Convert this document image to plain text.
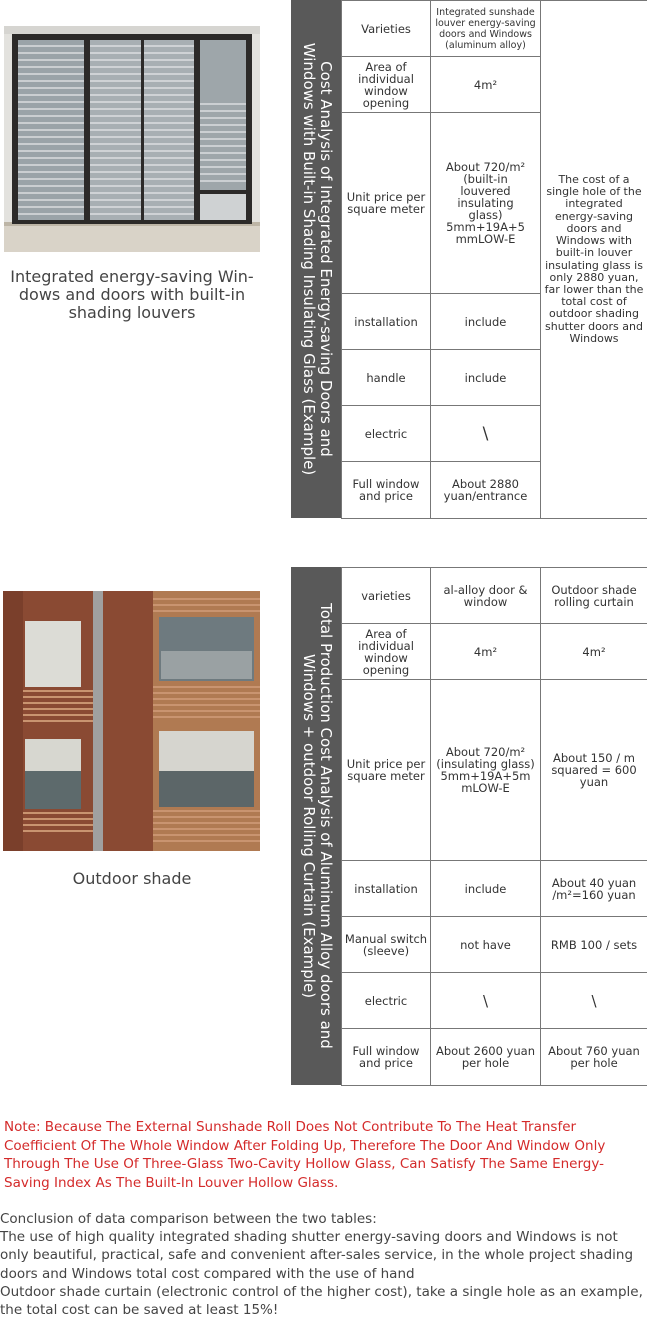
Integrated energy-saving Win-
dows and doors with built-in
shading louvers
Cost Analysis of Integrated Energy-saving Doors and
Windows with Built-in Shading Insulating Glass (Example)
Varieties	Integrated sunshade louver energy-saving doors and Windows (aluminum alloy)	The cost of a single hole of the integrated energy-saving doors and Windows with built-in louver insulating glass is only 2880 yuan, far lower than the total cost of outdoor shading shutter doors and Windows
Area of individual window opening	4m²	
Unit price per square meter	About 720/m² (built-in louvered insulating glass) 5mm+19A+5 mmLOW-E	
installation	include	
handle	include	
electric	\	
Full window and price	About 2880 yuan/entrance	
Outdoor shade
Total Production Cost Analysis of Aluminum Alloy doors and
Windows + outdoor Rolling Curtain (Example)
varieties	al-alloy door & window	Outdoor shade rolling curtain
Area of individual window opening	4m²	4m²
Unit price per square meter	About 720/m² (insulating glass) 5mm+19A+5m mLOW-E	About 150 / m squared = 600 yuan
installation	include	About 40 yuan /m²=160 yuan
Manual switch (sleeve)	not have	RMB 100 / sets
electric	\	\
Full window and price	About 2600 yuan per hole	About 760 yuan per hole
Note: Because The External Sunshade Roll Does Not Contribute To The Heat Transfer Coefficient Of The Whole Window After Folding Up, Therefore The Door And Window Only Through The Use Of Three-Glass Two-Cavity Hollow Glass, Can Satisfy The Same Energy-Saving Index As The Built-In Louver Hollow Glass.
Conclusion of data comparison between the two tables:
The use of high quality integrated shading shutter energy-saving doors and Windows is not only beautiful, practical, safe and convenient after-sales service, in the whole project shading doors and Windows total cost compared with the use of hand
Outdoor shade curtain (electronic control of the higher cost), take a single hole as an example, the total cost can be saved at least 15%!
